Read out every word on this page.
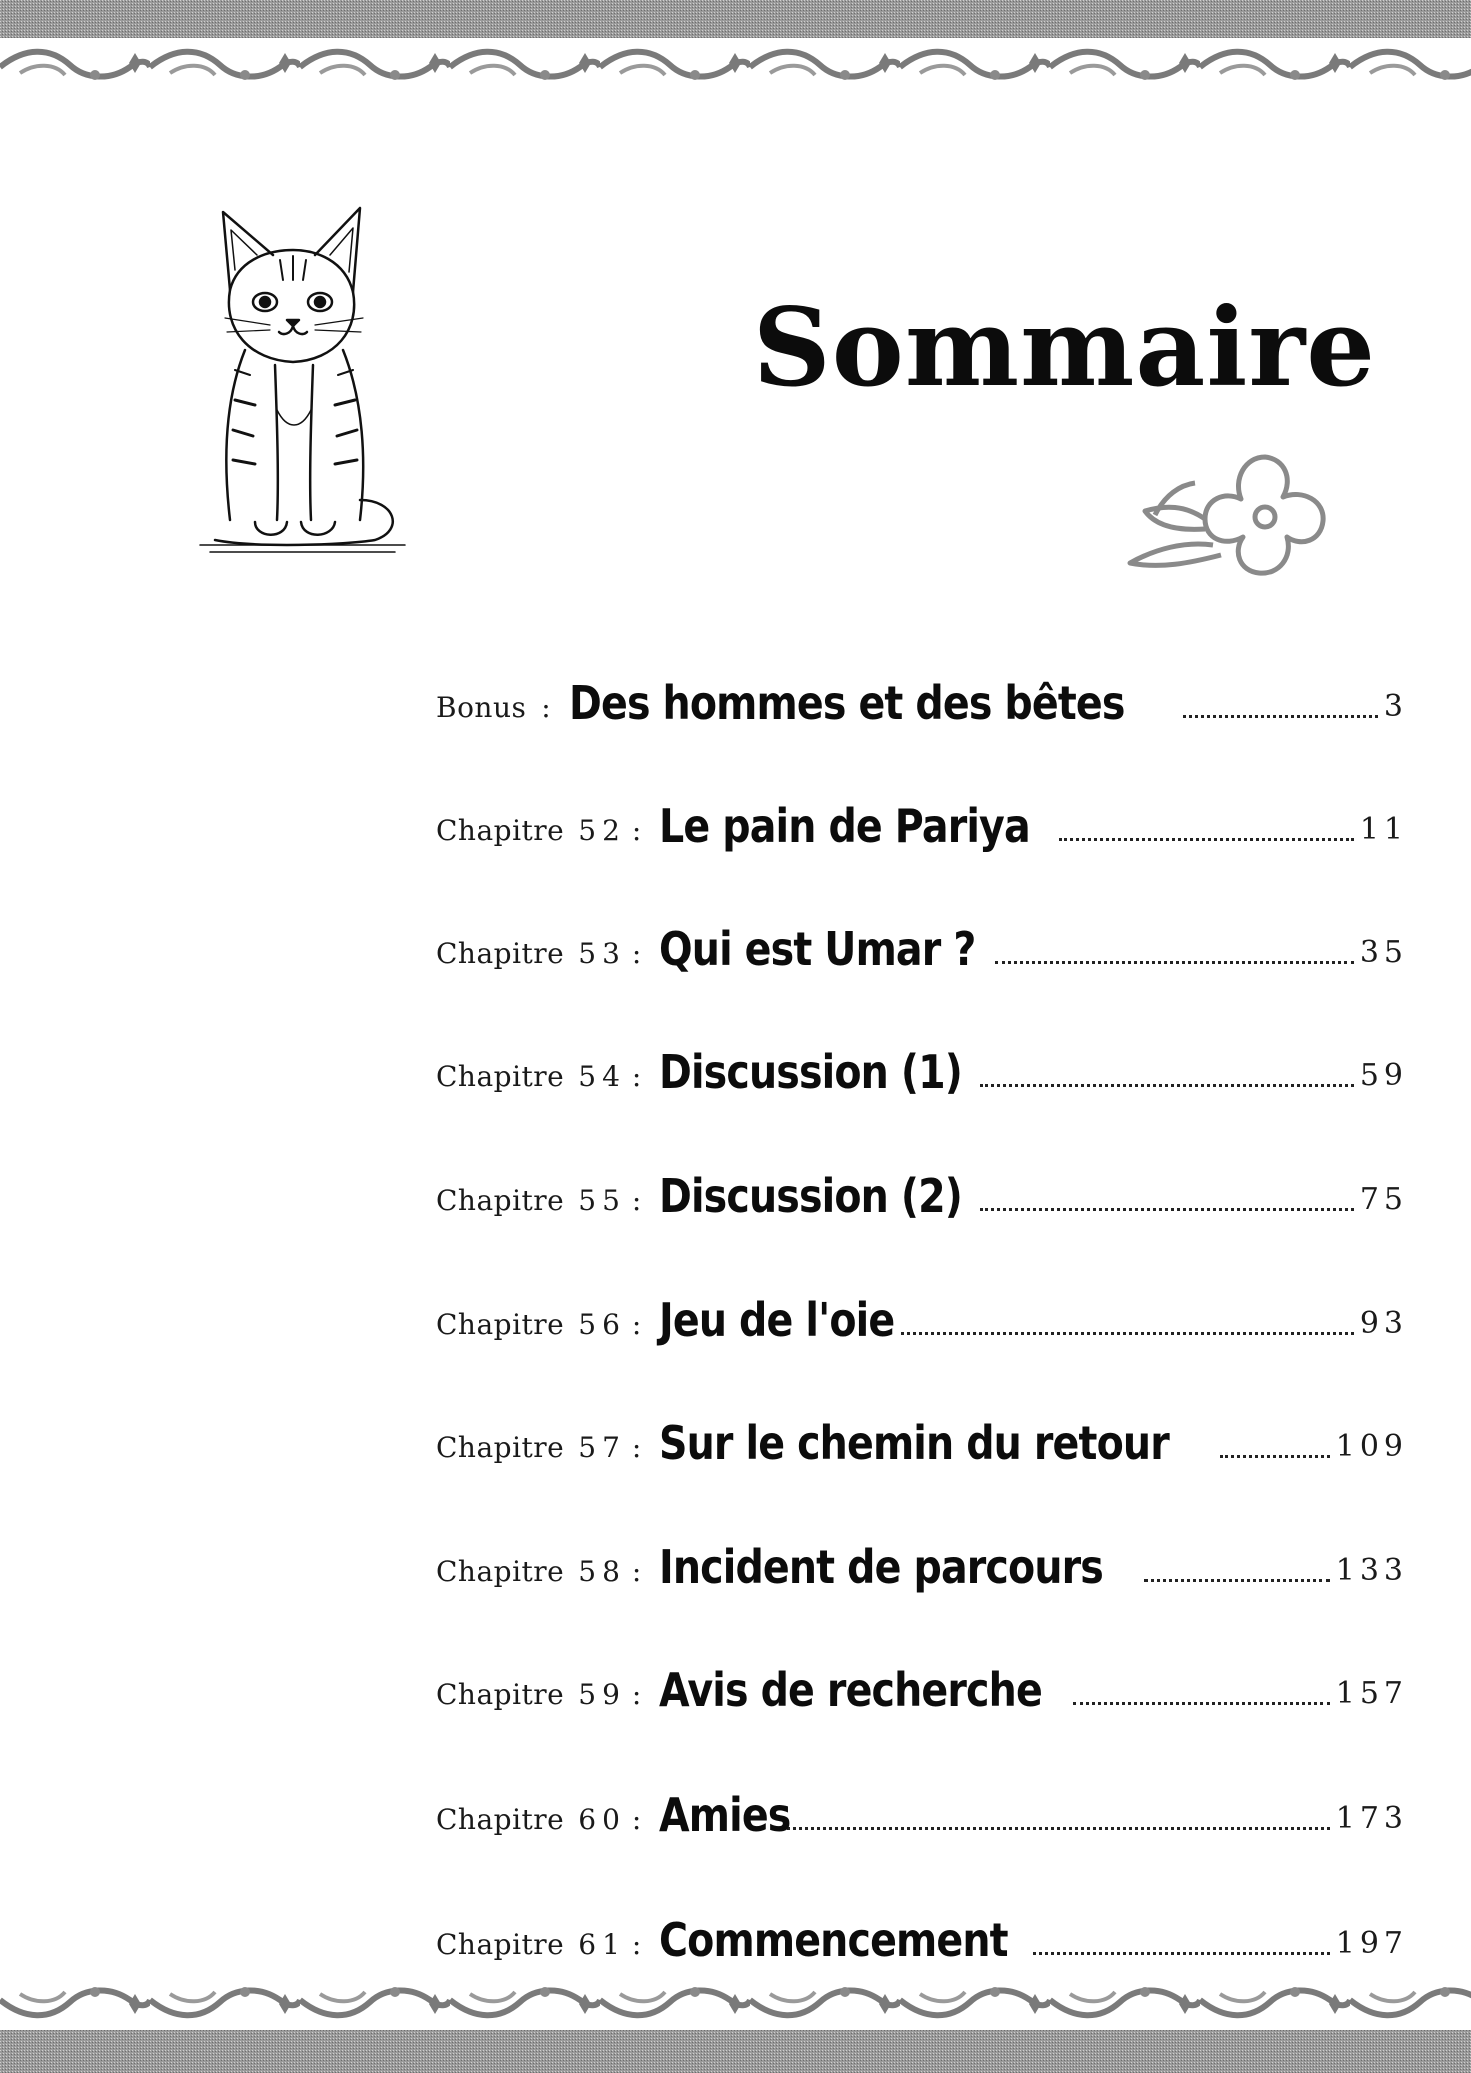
Sommaire
Bonus : Des hommes et des bêtes	3
Chapitre 52 : Le pain de Pariya	11
Chapitre 53 : Qui est Umar ?	35
Chapitre 54 : Discussion (1)	59
Chapitre 55 : Discussion (2)	75
Chapitre 56 : Jeu de l'oie	93
Chapitre 57 : Sur le chemin du retour	109
Chapitre 58 : Incident de parcours	133
Chapitre 59 : Avis de recherche	157
Chapitre 60 : Amies	173
Chapitre 61 : Commencement	197
